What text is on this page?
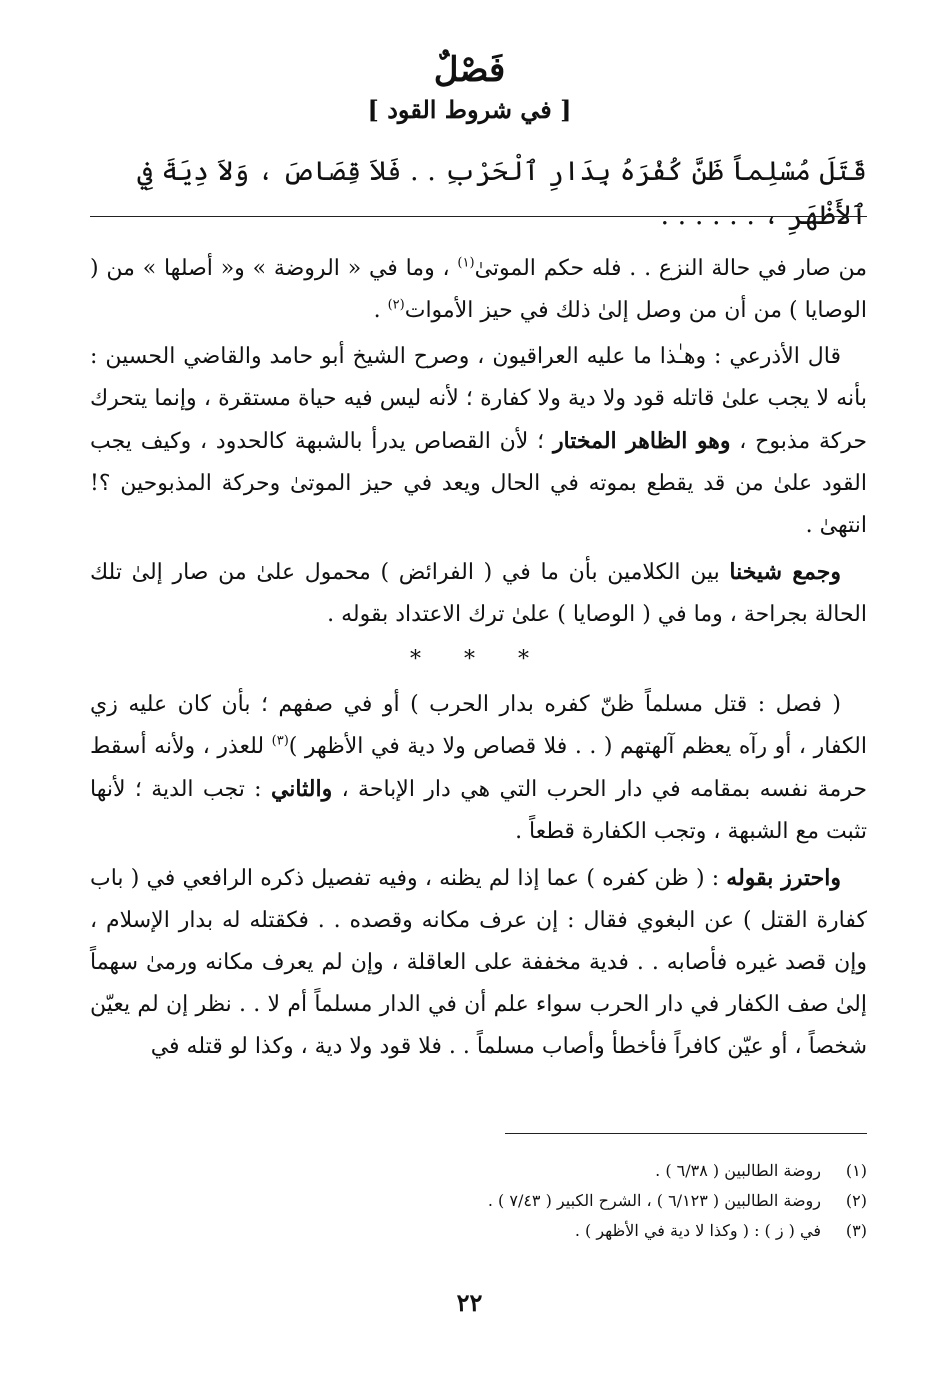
فَصْلٌ
[ في شروط القود ]
قَتَلَ مُسْلِماً ظَنَّ كُفْرَهُ بِدَارِ ٱلْحَرْبِ . . فَلاَ قِصَاصَ ، وَلاَ دِيَةَ فِي ٱلأَظْهَرِ ، . . . . . .

من صار في حالة النزع . . فله حكم الموتىٰ$^{(١)}$ ، وما في « الروضة » و« أصلها » من ( الوصايا ) من أن من وصل إلىٰ ذلك في حيز الأموات$^{(٢)}$ .

قال الأذرعي : وهـٰذا ما عليه العراقيون ، وصرح الشيخ أبو حامد والقاضي الحسين : بأنه لا يجب علىٰ قاتله قود ولا دية ولا كفارة ؛ لأنه ليس فيه حياة مستقرة ، وإنما يتحرك حركة مذبوح ، وهو الظاهر المختار ؛ لأن القصاص يدرأ بالشبهة كالحدود ، وكيف يجب القود علىٰ من قد يقطع بموته في الحال ويعد في حيز الموتىٰ وحركة المذبوحين ؟! انتهىٰ .

وجمع شيخنا بين الكلامين بأن ما في ( الفرائض ) محمول علىٰ من صار إلىٰ تلك الحالة بجراحة ، وما في ( الوصايا ) علىٰ ترك الاعتداد بقوله .

* * *

( فصل : قتل مسلماً ظنّ كفره بدار الحرب ) أو في صفهم ؛ بأن كان عليه زي الكفار ، أو رآه يعظم آلهتهم ( . . فلا قصاص ولا دية في الأظهر )$^{(٣)}$ للعذر ، ولأنه أسقط حرمة نفسه بمقامه في دار الحرب التي هي دار الإباحة ، والثاني : تجب الدية ؛ لأنها تثبت مع الشبهة ، وتجب الكفارة قطعاً .

واحترز بقوله : ( ظن كفره ) عما إذا لم يظنه ، وفيه تفصيل ذكره الرافعي في ( باب كفارة القتل ) عن البغوي فقال : إن عرف مكانه وقصده . . فكقتله له بدار الإسلام ، وإن قصد غيره فأصابه . . فدية مخففة على العاقلة ، وإن لم يعرف مكانه ورمىٰ سهماً إلىٰ صف الكفار في دار الحرب سواء علم أن في الدار مسلماً أم لا . . نظر إن لم يعيّن شخصاً ، أو عيّن كافراً فأخطأ وأصاب مسلماً . . فلا قود ولا دية ، وكذا لو قتله في

(١)روضة الطالبين ( ٦/٣٨ ) .
(٢)روضة الطالبين ( ٦/١٢٣ ) ، الشرح الكبير ( ٧/٤٣ ) .
(٣)في ( ز ) : ( وكذا لا دية في الأظهر ) .
٢٢
